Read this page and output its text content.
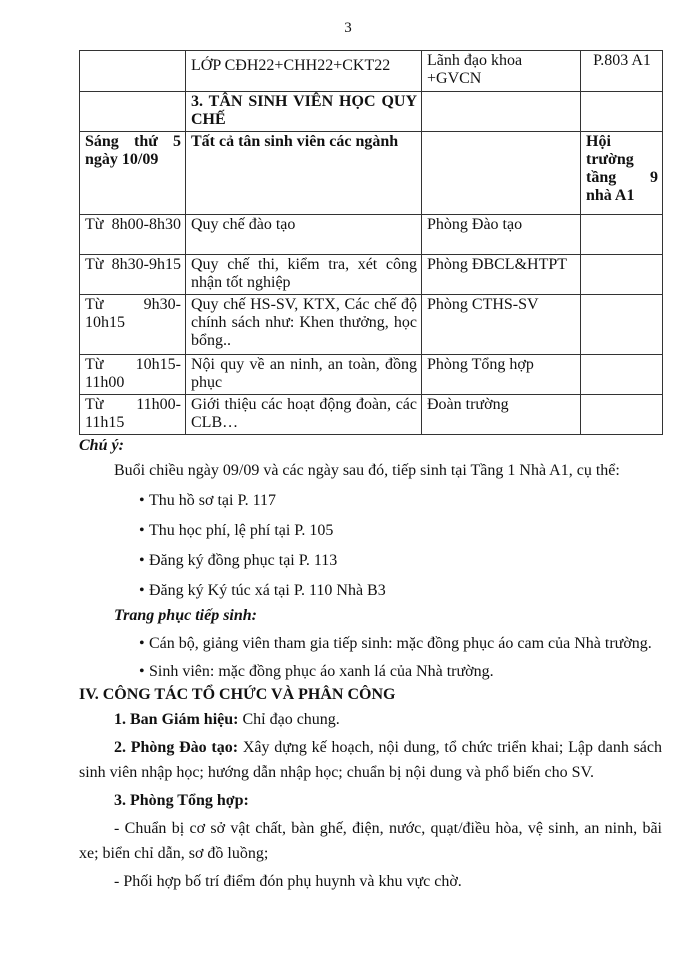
3
	LỚP CĐH22+CHH22+CKT22	Lãnh đạo khoa +GVCN	P.803 A1
	3. TÂN SINH VIÊN HỌC QUY CHẾ		
Sáng thứ 5 ngày 10/09	Tất cả tân sinh viên các ngành		Hội trường tầng 9 nhà A1
Từ 8h00-8h30	Quy chế đào tạo	Phòng Đào tạo	
Từ 8h30-9h15	Quy chế thi, kiểm tra, xét công nhận tốt nghiệp	Phòng ĐBCL&HTPT	
Từ 9h30-10h15	Quy chế HS-SV, KTX, Các chế độ chính sách như: Khen thưởng, học bổng..	Phòng CTHS-SV	
Từ 10h15-11h00	Nội quy về an ninh, an toàn, đồng phục	Phòng Tổng hợp	
Từ 11h00-11h15	Giới thiệu các hoạt động đoàn, các CLB…	Đoàn trường	

Chú ý:

Buổi chiều ngày 09/09 và các ngày sau đó, tiếp sinh tại Tầng 1 Nhà A1, cụ thể:

• Thu hồ sơ tại P. 117
• Thu học phí, lệ phí tại P. 105
• Đăng ký đồng phục tại P. 113
• Đăng ký Ký túc xá tại P. 110 Nhà B3

Trang phục tiếp sinh:

• Cán bộ, giảng viên tham gia tiếp sinh: mặc đồng phục áo cam của Nhà trường.
• Sinh viên: mặc đồng phục áo xanh lá của Nhà trường.

IV. CÔNG TÁC TỔ CHỨC VÀ PHÂN CÔNG

1. Ban Giám hiệu: Chỉ đạo chung.

2. Phòng Đào tạo: Xây dựng kế hoạch, nội dung, tổ chức triển khai; Lập danh sách sinh viên nhập học; hướng dẫn nhập học; chuẩn bị nội dung và phổ biến cho SV.

3. Phòng Tổng hợp:

- Chuẩn bị cơ sở vật chất, bàn ghế, điện, nước, quạt/điều hòa, vệ sinh, an ninh, bãi xe; biển chỉ dẫn, sơ đồ luồng;

- Phối hợp bố trí điểm đón phụ huynh và khu vực chờ.
